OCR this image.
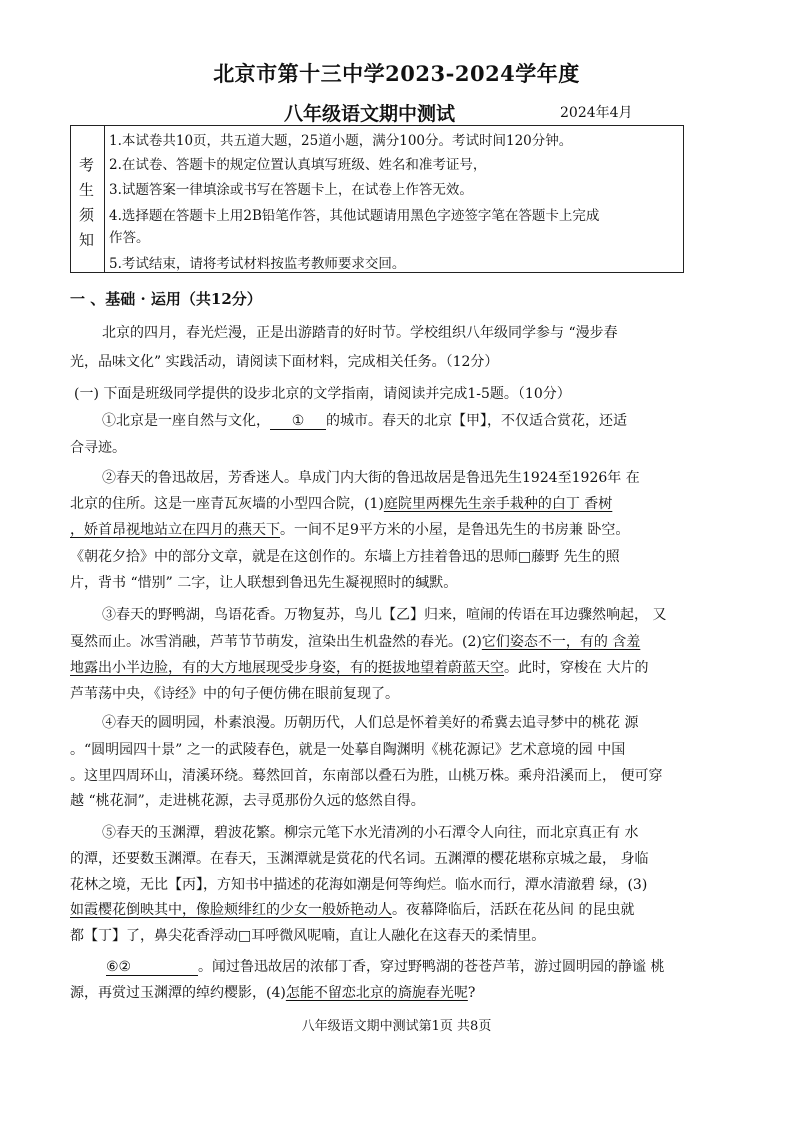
北京市第十三中学2023-2024学年度
八年级语文期中测试	2024年4月
考
生
须
知
1.本试卷共10页，共五道大题，25道小题，满分100分。考试时间120分钟。
2.在试卷、答题卡的规定位置认真填写班级、姓名和准考证号，
3.试题答案一律填涂或书写在答题卡上，在试卷上作答无效。
4.选择题在答题卡上用2B铅笔作答，其他试题请用黑色字迹签字笔在答题卡上完成
作答。
5.考试结束，请将考试材料按监考教师要求交回。
一 、基础 · 运用（共12分）
北京的四月，春光烂漫，正是出游踏青的好时节。学校组织八年级同学参与 “漫步春
光，品味文化” 实践活动，请阅读下面材料，完成相关任务。（12分）
(一) 下面是班级同学提供的设步北京的文学指南，请阅读并完成1-5题。（10分）
①北京是一座自然与文化， ① 的城市。春天的北京【甲】，不仅适合赏花，还适
合寻迹。
②春天的鲁迅故居，芳香迷人。阜成门内大街的鲁迅故居是鲁迅先生1924至1926年 在
北京的住所。这是一座青瓦灰墙的小型四合院，(1)庭院里两棵先生亲手栽种的白丁 香树
，娇首昂视地站立在四月的燕天下。一间不足9平方米的小屋，是鲁迅先生的书房兼 卧空。
《朝花夕拾》中的部分文章，就是在这创作的。东墙上方挂着鲁迅的思师□藤野 先生的照
片，背书 “惜别” 二字，让人联想到鲁迅先生凝视照时的缄默。
③春天的野鸭湖，鸟语花香。万物复苏，鸟儿【乙】归来，喧闹的传语在耳边骤然响起， 又
戛然而止。冰雪消融，芦苇节节萌发，渲染出生机盎然的春光。(2)它们姿态不一，有的 含羞
地露出小半边脸，有的大方地展现受步身姿，有的挺拔地望着蔚蓝天空。此时，穿梭在 大片的
芦苇荡中央，《诗经》中的句子便仿佛在眼前复现了。
④春天的圆明园，朴素浪漫。历朝历代，人们总是怀着美好的希冀去追寻梦中的桃花 源
。“圆明园四十景” 之一的武陵春色，就是一处摹自陶渊明《桃花源记》艺术意境的园 中国
。这里四周环山，清溪环绕。蓦然回首，东南部以叠石为胜，山桃万株。乘舟沿溪而上， 便可穿
越 “桃花洞”，走进桃花源，去寻觅那份久远的悠然自得。
⑤春天的玉渊潭，碧波花繁。柳宗元笔下水光清冽的小石潭令人向往，而北京真正有 水
的潭，还要数玉渊潭。在春天，玉渊潭就是赏花的代名词。五渊潭的樱花堪称京城之最， 身临
花林之境，无比【丙】，方知书中描述的花海如潮是何等绚烂。临水而行，潭水清澈碧 绿，(3)
如霞樱花倒映其中，像脸颊绯红的少女一般娇艳动人。夜幕降临后，活跃在花丛间 的昆虫就
都【丁】了，鼻尖花香浮动□耳呼微风呢喃，直让人融化在这春天的柔情里。
⑥②	。闻过鲁迅故居的浓郁丁香，穿过野鸭湖的苍苍芦苇，游过圆明园的静谧 桃
源，再赏过玉渊潭的绰约樱影，(4)怎能不留恋北京的旖旎春光呢?
八年级语文期中测试第1页 共8页
